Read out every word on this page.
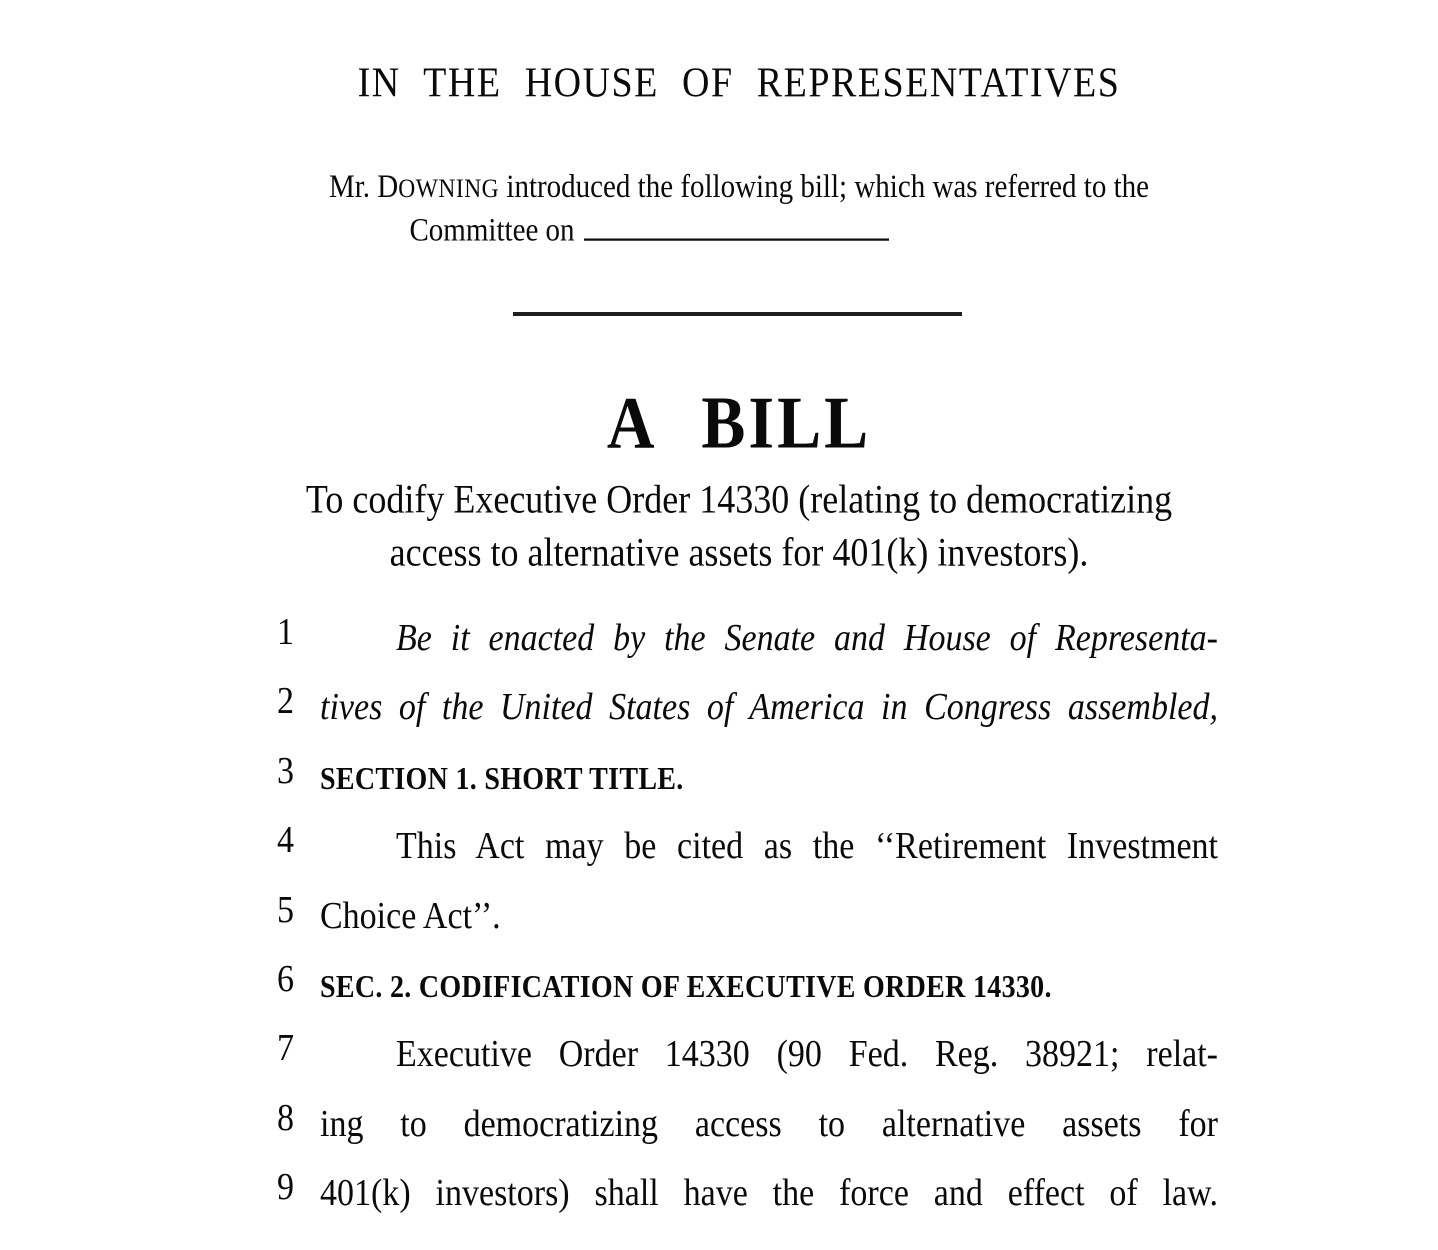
IN THE HOUSE OF REPRESENTATIVES
Mr. DOWNING introduced the following bill; which was referred to the
Committee on
A BILL
To codify Executive Order 14330 (relating to democratizing
access to alternative assets for 401(k) investors).
1	Be it enacted by the Senate and House of Representa-
2 tives of the United States of America in Congress assembled,
3 SECTION 1. SHORT TITLE.
4	This Act may be cited as the ‘‘Retirement Investment
5 Choice Act’’.
6 SEC. 2. CODIFICATION OF EXECUTIVE ORDER 14330.
7	Executive Order 14330 (90 Fed. Reg. 38921; relat-
8 ing to democratizing access to alternative assets for
9 401(k) investors) shall have the force and effect of law.
